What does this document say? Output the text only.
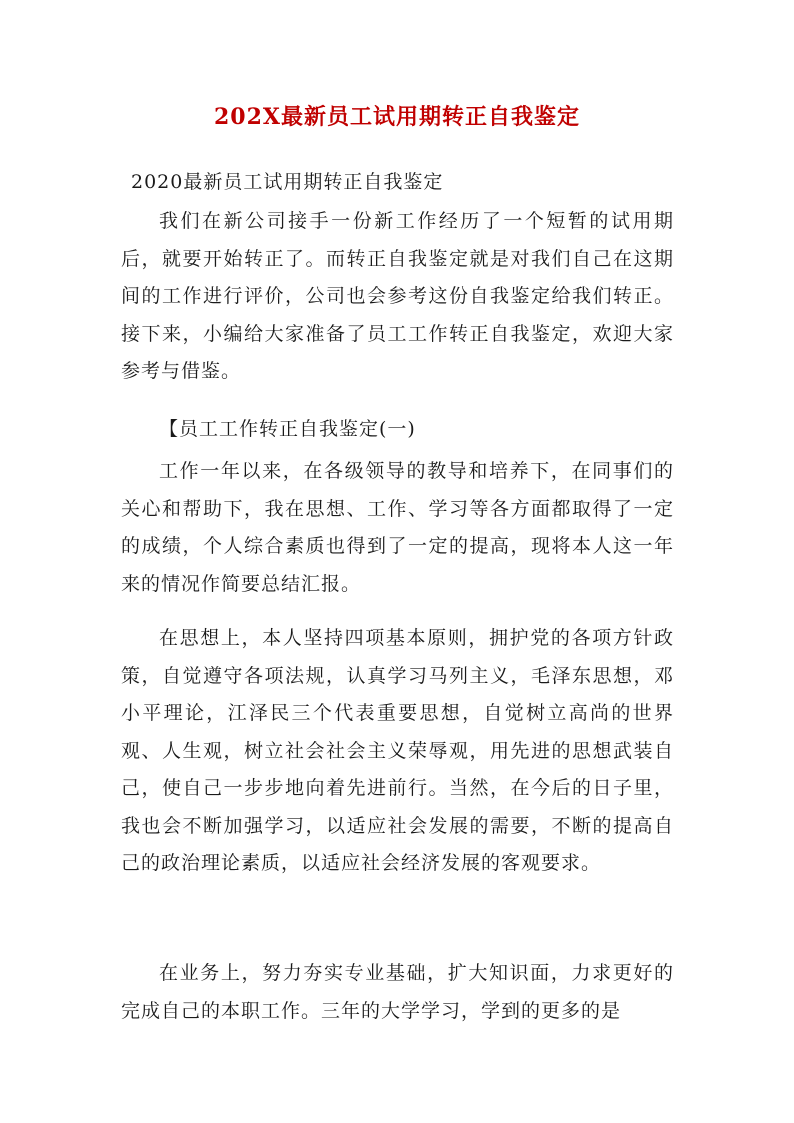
202X最新员工试用期转正自我鉴定

2020最新员工试用期转正自我鉴定

我们在新公司接手一份新工作经历了一个短暂的试用期后，就要开始转正了。而转正自我鉴定就是对我们自己在这期间的工作进行评价，公司也会参考这份自我鉴定给我们转正。接下来，小编给大家准备了员工工作转正自我鉴定，欢迎大家参考与借鉴。

【员工工作转正自我鉴定(一)

工作一年以来，在各级领导的教导和培养下，在同事们的关心和帮助下，我在思想、工作、学习等各方面都取得了一定的成绩，个人综合素质也得到了一定的提高，现将本人这一年来的情况作简要总结汇报。

在思想上，本人坚持四项基本原则，拥护党的各项方针政策，自觉遵守各项法规，认真学习马列主义，毛泽东思想，邓小平理论，江泽民三个代表重要思想，自觉树立高尚的世界观、人生观，树立社会社会主义荣辱观，用先进的思想武装自己，使自己一步步地向着先进前行。当然，在今后的日子里，我也会不断加强学习，以适应社会发展的需要，不断的提高自己的政治理论素质，以适应社会经济发展的客观要求。

在业务上，努力夯实专业基础，扩大知识面，力求更好的完成自己的本职工作。三年的大学学习，学到的更多的是
